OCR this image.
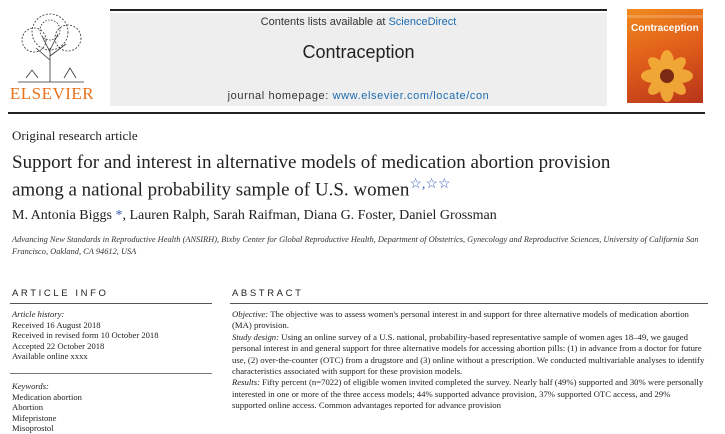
ELSEVIER
Contents lists available at ScienceDirect
Contraception
journal homepage: www.elsevier.com/locate/con
Contraception
Original research article
Support for and interest in alternative models of medication abortion provision among a national probability sample of U.S. women☆,☆☆
M. Antonia Biggs *, Lauren Ralph, Sarah Raifman, Diana G. Foster, Daniel Grossman
Advancing New Standards in Reproductive Health (ANSIRH), Bixby Center for Global Reproductive Health, Department of Obstetrics, Gynecology and Reproductive Sciences, University of California San Francisco, Oakland, CA 94612, USA
ARTICLE INFO	ABSTRACT
Article history:
Received 16 August 2018
Received in revised form 10 October 2018
Accepted 22 October 2018
Available online xxxx
Keywords:
Medication abortion
Abortion
Mifepristone
Misoprostol

Objective: The objective was to assess women's personal interest in and support for three alternative models of medication abortion (MA) provision.

Study design: Using an online survey of a U.S. national, probability-based representative sample of women ages 18–49, we gauged personal interest in and general support for three alternative models for accessing abortion pills: (1) in advance from a doctor for future use, (2) over-the-counter (OTC) from a drugstore and (3) online without a prescription. We conducted multivariable analyses to identify characteristics associated with support for these provision models.

Results: Fifty percent (n=7022) of eligible women invited completed the survey. Nearly half (49%) supported and 30% were personally interested in one or more of the three access models; 44% supported advance provision, 37% supported OTC access, and 29% supported online access. Common advantages reported for advance provision
